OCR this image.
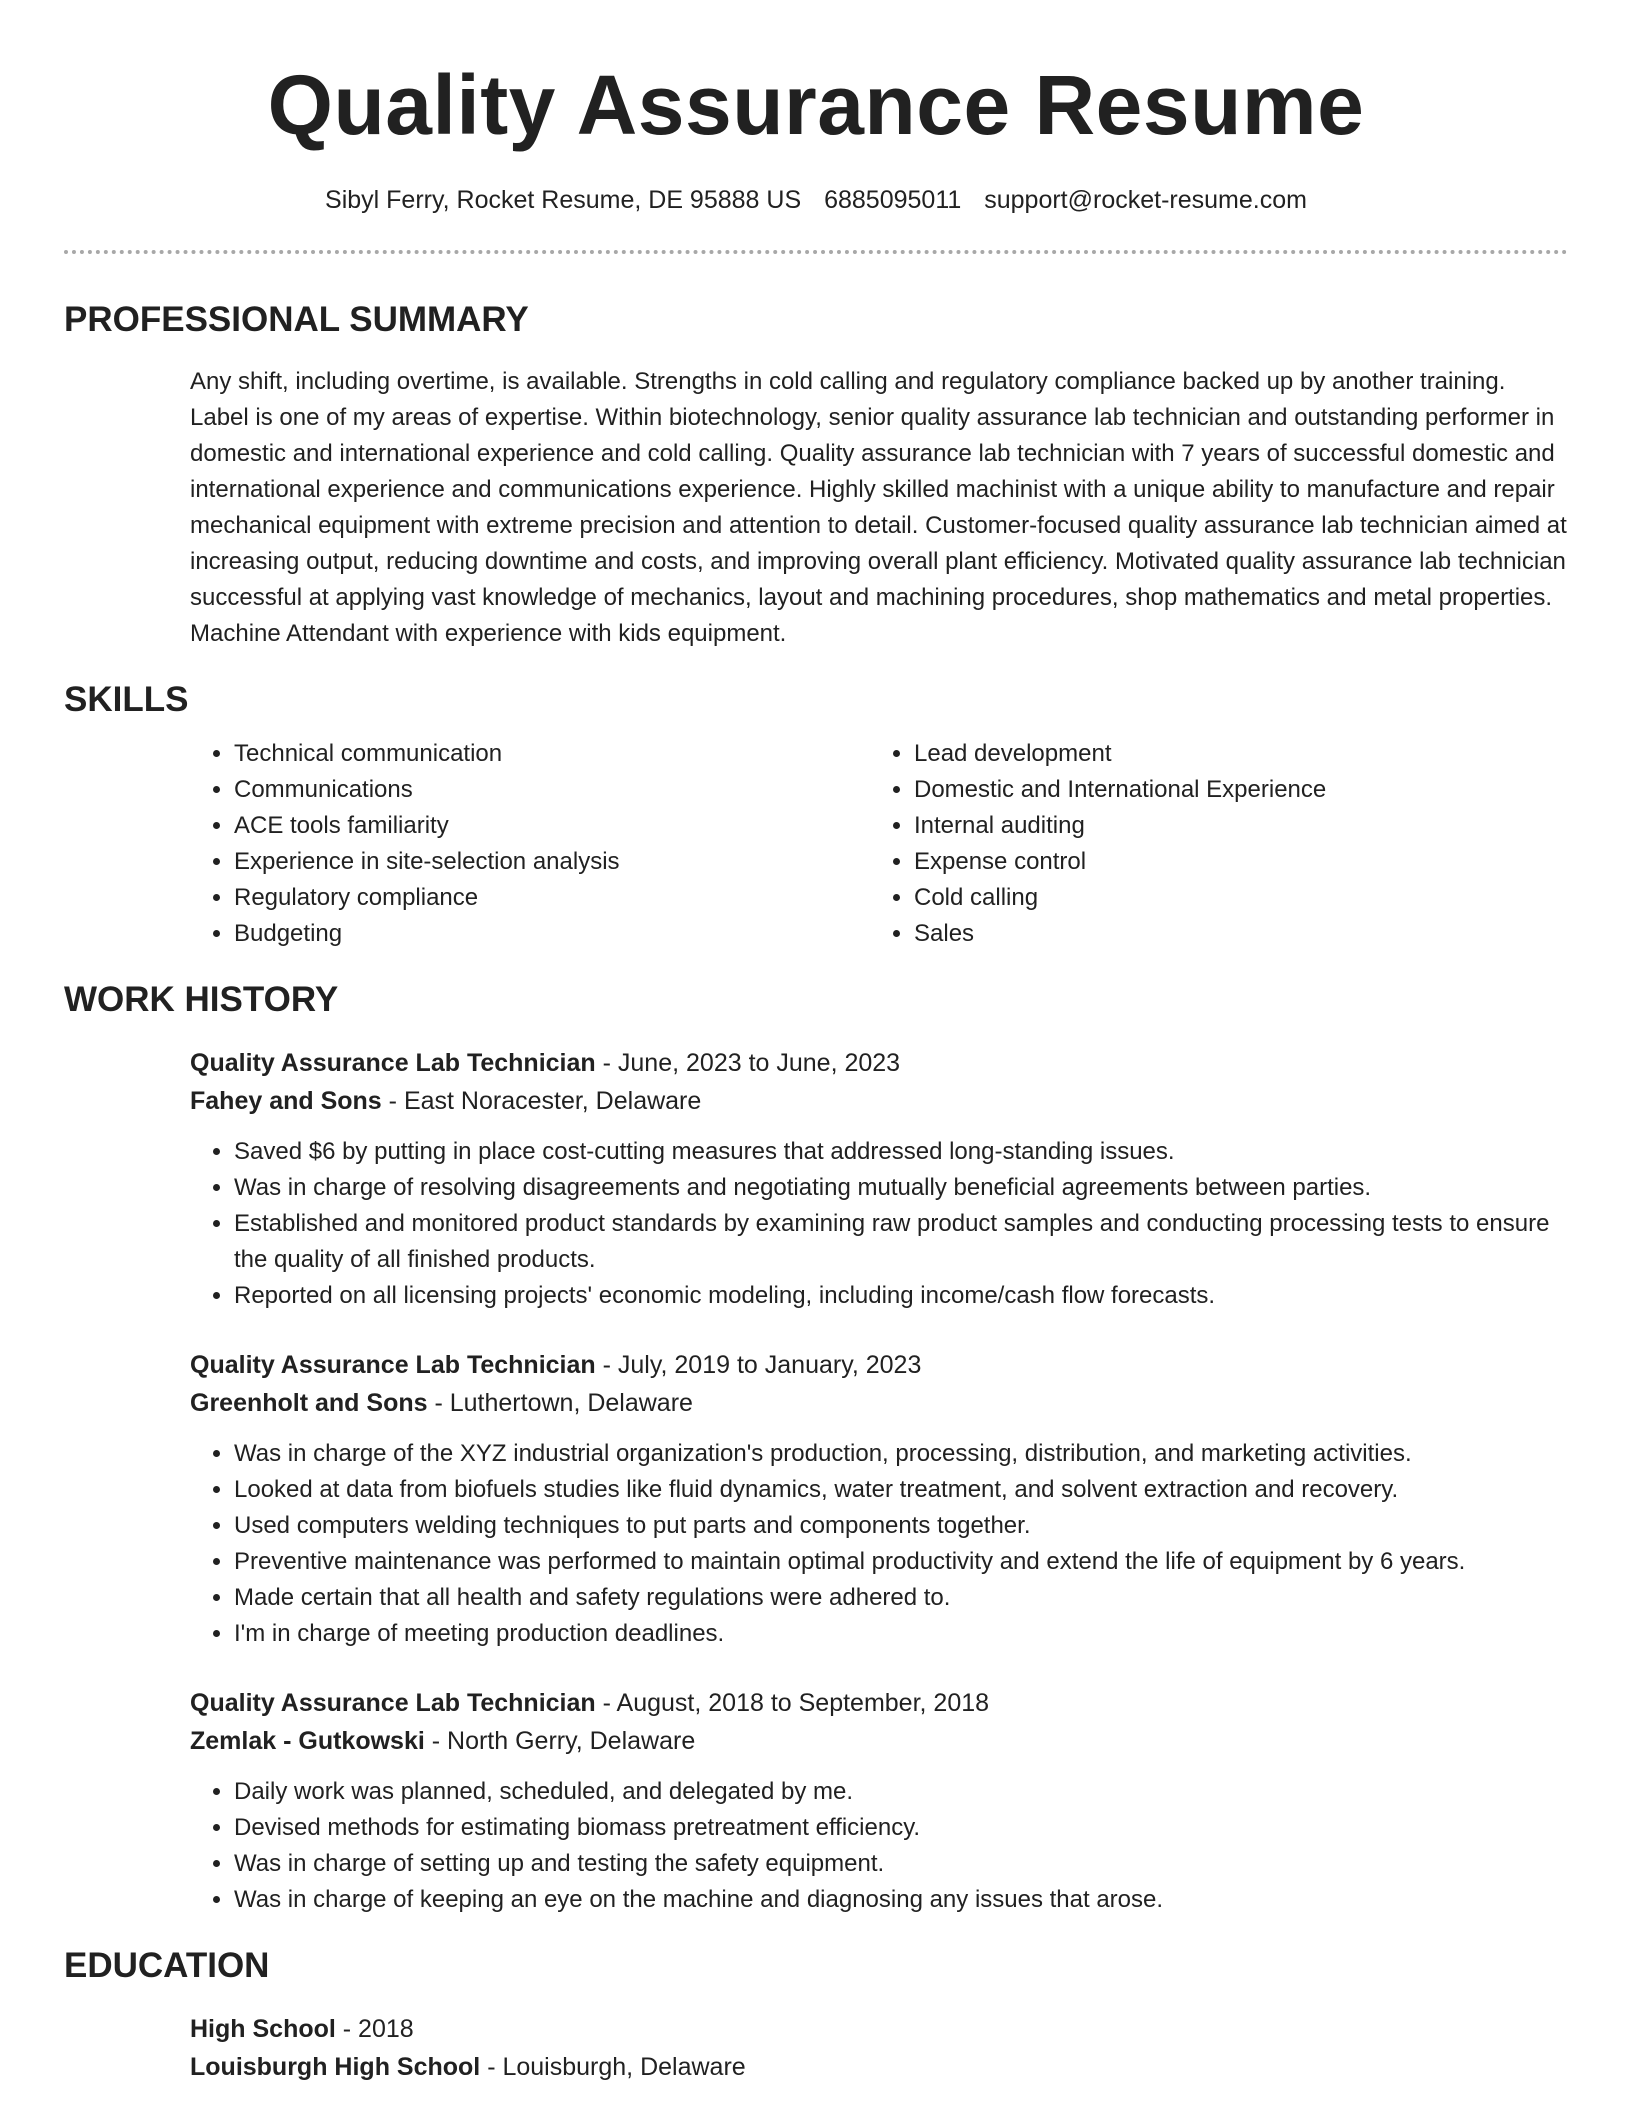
Quality Assurance Resume
Sibyl Ferry, Rocket Resume, DE 95888 US 6885095011 support@rocket-resume.com
PROFESSIONAL SUMMARY

Any shift, including overtime, is available. Strengths in cold calling and regulatory compliance backed up by another training. Label is one of my areas of expertise. Within biotechnology, senior quality assurance lab technician and outstanding performer in domestic and international experience and cold calling. Quality assurance lab technician with 7 years of successful domestic and international experience and communications experience. Highly skilled machinist with a unique ability to manufacture and repair mechanical equipment with extreme precision and attention to detail. Customer-focused quality assurance lab technician aimed at increasing output, reducing downtime and costs, and improving overall plant efficiency. Motivated quality assurance lab technician successful at applying vast knowledge of mechanics, layout and machining procedures, shop mathematics and metal properties. Machine Attendant with experience with kids equipment.

SKILLS
• Technical communication
• Communications
• ACE tools familiarity
• Experience in site-selection analysis
• Regulatory compliance
• Budgeting
• Lead development
• Domestic and International Experience
• Internal auditing
• Expense control
• Cold calling
• Sales
WORK HISTORY
Quality Assurance Lab Technician - June, 2023 to June, 2023
Fahey and Sons - East Noracester, Delaware
• Saved $6 by putting in place cost-cutting measures that addressed long-standing issues.
• Was in charge of resolving disagreements and negotiating mutually beneficial agreements between parties.
• Established and monitored product standards by examining raw product samples and conducting processing tests to ensure the quality of all finished products.
• Reported on all licensing projects' economic modeling, including income/cash flow forecasts.
Quality Assurance Lab Technician - July, 2019 to January, 2023
Greenholt and Sons - Luthertown, Delaware
• Was in charge of the XYZ industrial organization's production, processing, distribution, and marketing activities.
• Looked at data from biofuels studies like fluid dynamics, water treatment, and solvent extraction and recovery.
• Used computers welding techniques to put parts and components together.
• Preventive maintenance was performed to maintain optimal productivity and extend the life of equipment by 6 years.
• Made certain that all health and safety regulations were adhered to.
• I'm in charge of meeting production deadlines.
Quality Assurance Lab Technician - August, 2018 to September, 2018
Zemlak - Gutkowski - North Gerry, Delaware
• Daily work was planned, scheduled, and delegated by me.
• Devised methods for estimating biomass pretreatment efficiency.
• Was in charge of setting up and testing the safety equipment.
• Was in charge of keeping an eye on the machine and diagnosing any issues that arose.
EDUCATION
High School - 2018
Louisburgh High School - Louisburgh, Delaware
